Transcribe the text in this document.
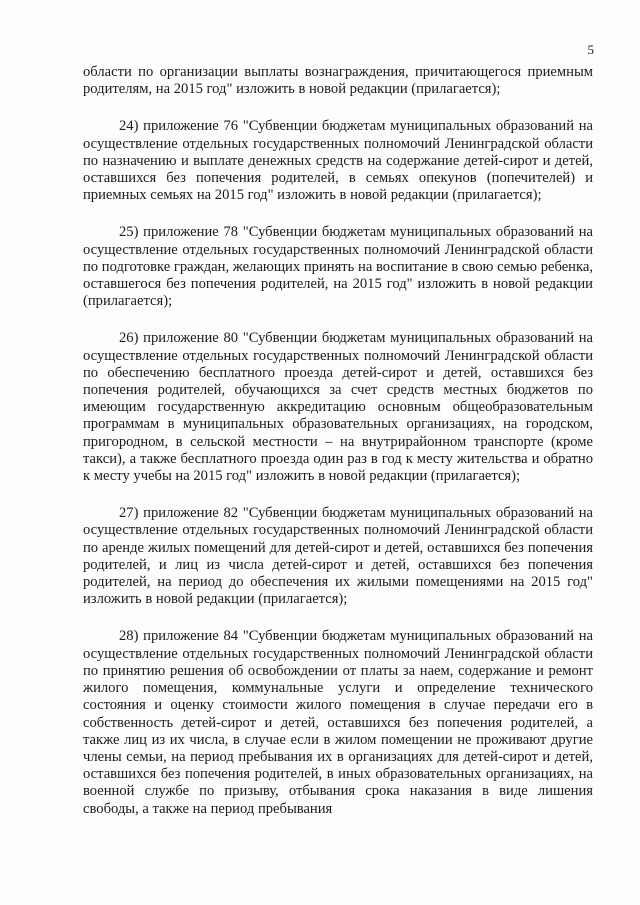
5

области по организации выплаты вознаграждения, причитающегося приемным родителям, на 2015 год" изложить в новой редакции (прилагается);

24) приложение 76 "Субвенции бюджетам муниципальных образований на осуществление отдельных государственных полномочий Ленинградской области по назначению и выплате денежных средств на содержание детей-сирот и детей, оставшихся без попечения родителей, в семьях опекунов (попечителей) и приемных семьях на 2015 год" изложить в новой редакции (прилагается);

25) приложение 78 "Субвенции бюджетам муниципальных образований на осуществление отдельных государственных полномочий Ленинградской области по подготовке граждан, желающих принять на воспитание в свою семью ребенка, оставшегося без попечения родителей, на 2015 год" изложить в новой редакции (прилагается);

26) приложение 80 "Субвенции бюджетам муниципальных образований на осуществление отдельных государственных полномочий Ленинградской области по обеспечению бесплатного проезда детей-сирот и детей, оставшихся без попечения родителей, обучающихся за счет средств местных бюджетов по имеющим государственную аккредитацию основным общеобразовательным программам в муниципальных образовательных организациях, на городском, пригородном, в сельской местности – на внутрирайонном транспорте (кроме такси), а также бесплатного проезда один раз в год к месту жительства и обратно к месту учебы на 2015 год" изложить в новой редакции (прилагается);

27) приложение 82 "Субвенции бюджетам муниципальных образований на осуществление отдельных государственных полномочий Ленинградской области по аренде жилых помещений для детей-сирот и детей, оставшихся без попечения родителей, и лиц из числа детей-сирот и детей, оставшихся без попечения родителей, на период до обеспечения их жилыми помещениями на 2015 год" изложить в новой редакции (прилагается);

28) приложение 84 "Субвенции бюджетам муниципальных образований на осуществление отдельных государственных полномочий Ленинградской области по принятию решения об освобождении от платы за наем, содержание и ремонт жилого помещения, коммунальные услуги и определение технического состояния и оценку стоимости жилого помещения в случае передачи его в собственность детей-сирот и детей, оставшихся без попечения родителей, а также лиц из их числа, в случае если в жилом помещении не проживают другие члены семьи, на период пребывания их в организациях для детей-сирот и детей, оставшихся без попечения родителей, в иных образовательных организациях, на военной службе по призыву, отбывания срока наказания в виде лишения свободы, а также на период пребывания
